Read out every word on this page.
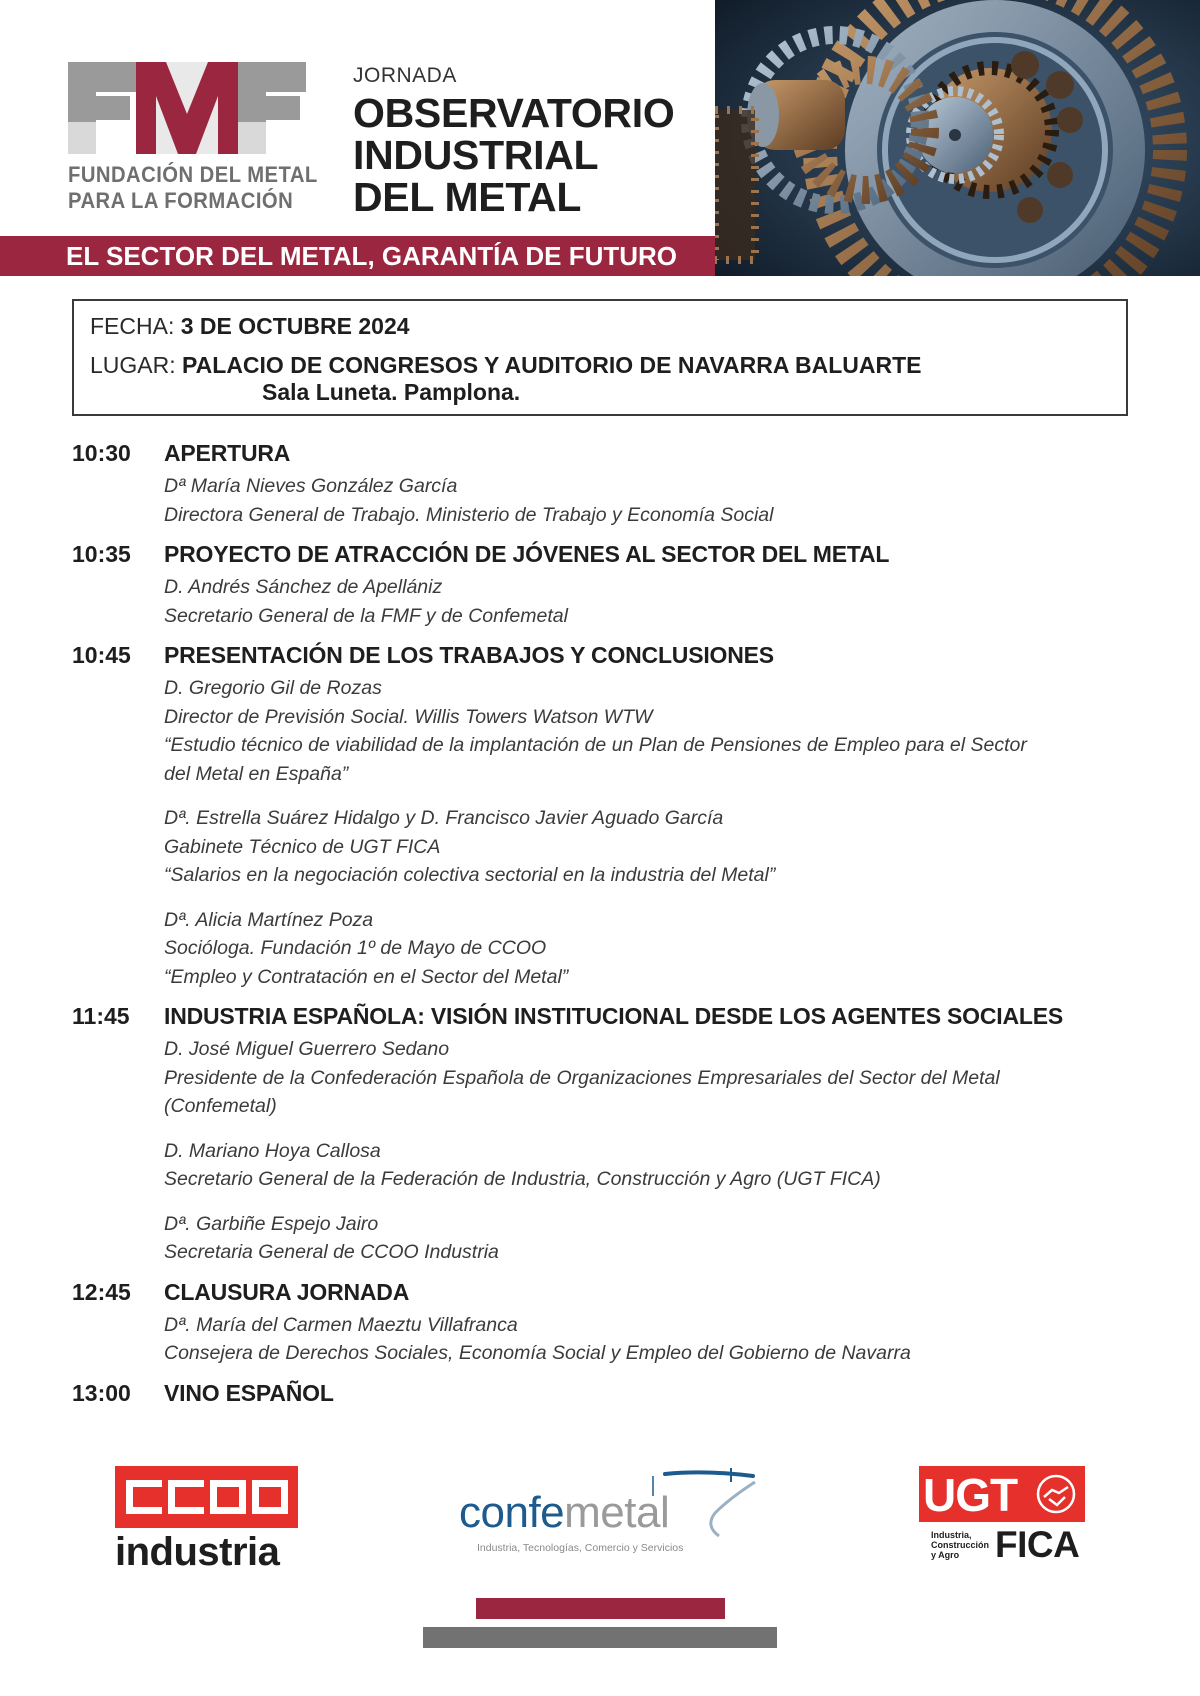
FUNDACIÓN DEL METAL
PARA LA FORMACIÓN
JORNADA
OBSERVATORIO
INDUSTRIAL
DEL METAL
EL SECTOR DEL METAL, GARANTÍA DE FUTURO
FECHA: 3 DE OCTUBRE 2024
LUGAR: PALACIO DE CONGRESOS Y AUDITORIO DE NAVARRA BALUARTE
Sala Luneta. Pamplona.
10:30	APERTURA
Dª María Nieves González García
Directora General de Trabajo. Ministerio de Trabajo y Economía Social
10:35	PROYECTO DE ATRACCIÓN DE JÓVENES AL SECTOR DEL METAL
D. Andrés Sánchez de Apellániz
Secretario General de la FMF y de Confemetal
10:45	PRESENTACIÓN DE LOS TRABAJOS Y CONCLUSIONES
D. Gregorio Gil de Rozas
Director de Previsión Social. Willis Towers Watson WTW
“Estudio técnico de viabilidad de la implantación de un Plan de Pensiones de Empleo para el Sector
del Metal en España”
Dª. Estrella Suárez Hidalgo y D. Francisco Javier Aguado García
Gabinete Técnico de UGT FICA
“Salarios en la negociación colectiva sectorial en la industria del Metal”
Dª. Alicia Martínez Poza
Socióloga. Fundación 1º de Mayo de CCOO
“Empleo y Contratación en el Sector del Metal”
11:45	INDUSTRIA ESPAÑOLA: VISIÓN INSTITUCIONAL DESDE LOS AGENTES SOCIALES
D. José Miguel Guerrero Sedano
Presidente de la Confederación Española de Organizaciones Empresariales del Sector del Metal
(Confemetal)
D. Mariano Hoya Callosa
Secretario General de la Federación de Industria, Construcción y Agro (UGT FICA)
Dª. Garbiñe Espejo Jairo
Secretaria General de CCOO Industria
12:45	CLAUSURA JORNADA
Dª. María del Carmen Maeztu Villafranca
Consejera de Derechos Sociales, Economía Social y Empleo del Gobierno de Navarra
13:00	VINO ESPAÑOL
industria
confemetal
Industria, Tecnologías, Comercio y Servicios
UGT
Industria,
Construcción
y Agro FICA
